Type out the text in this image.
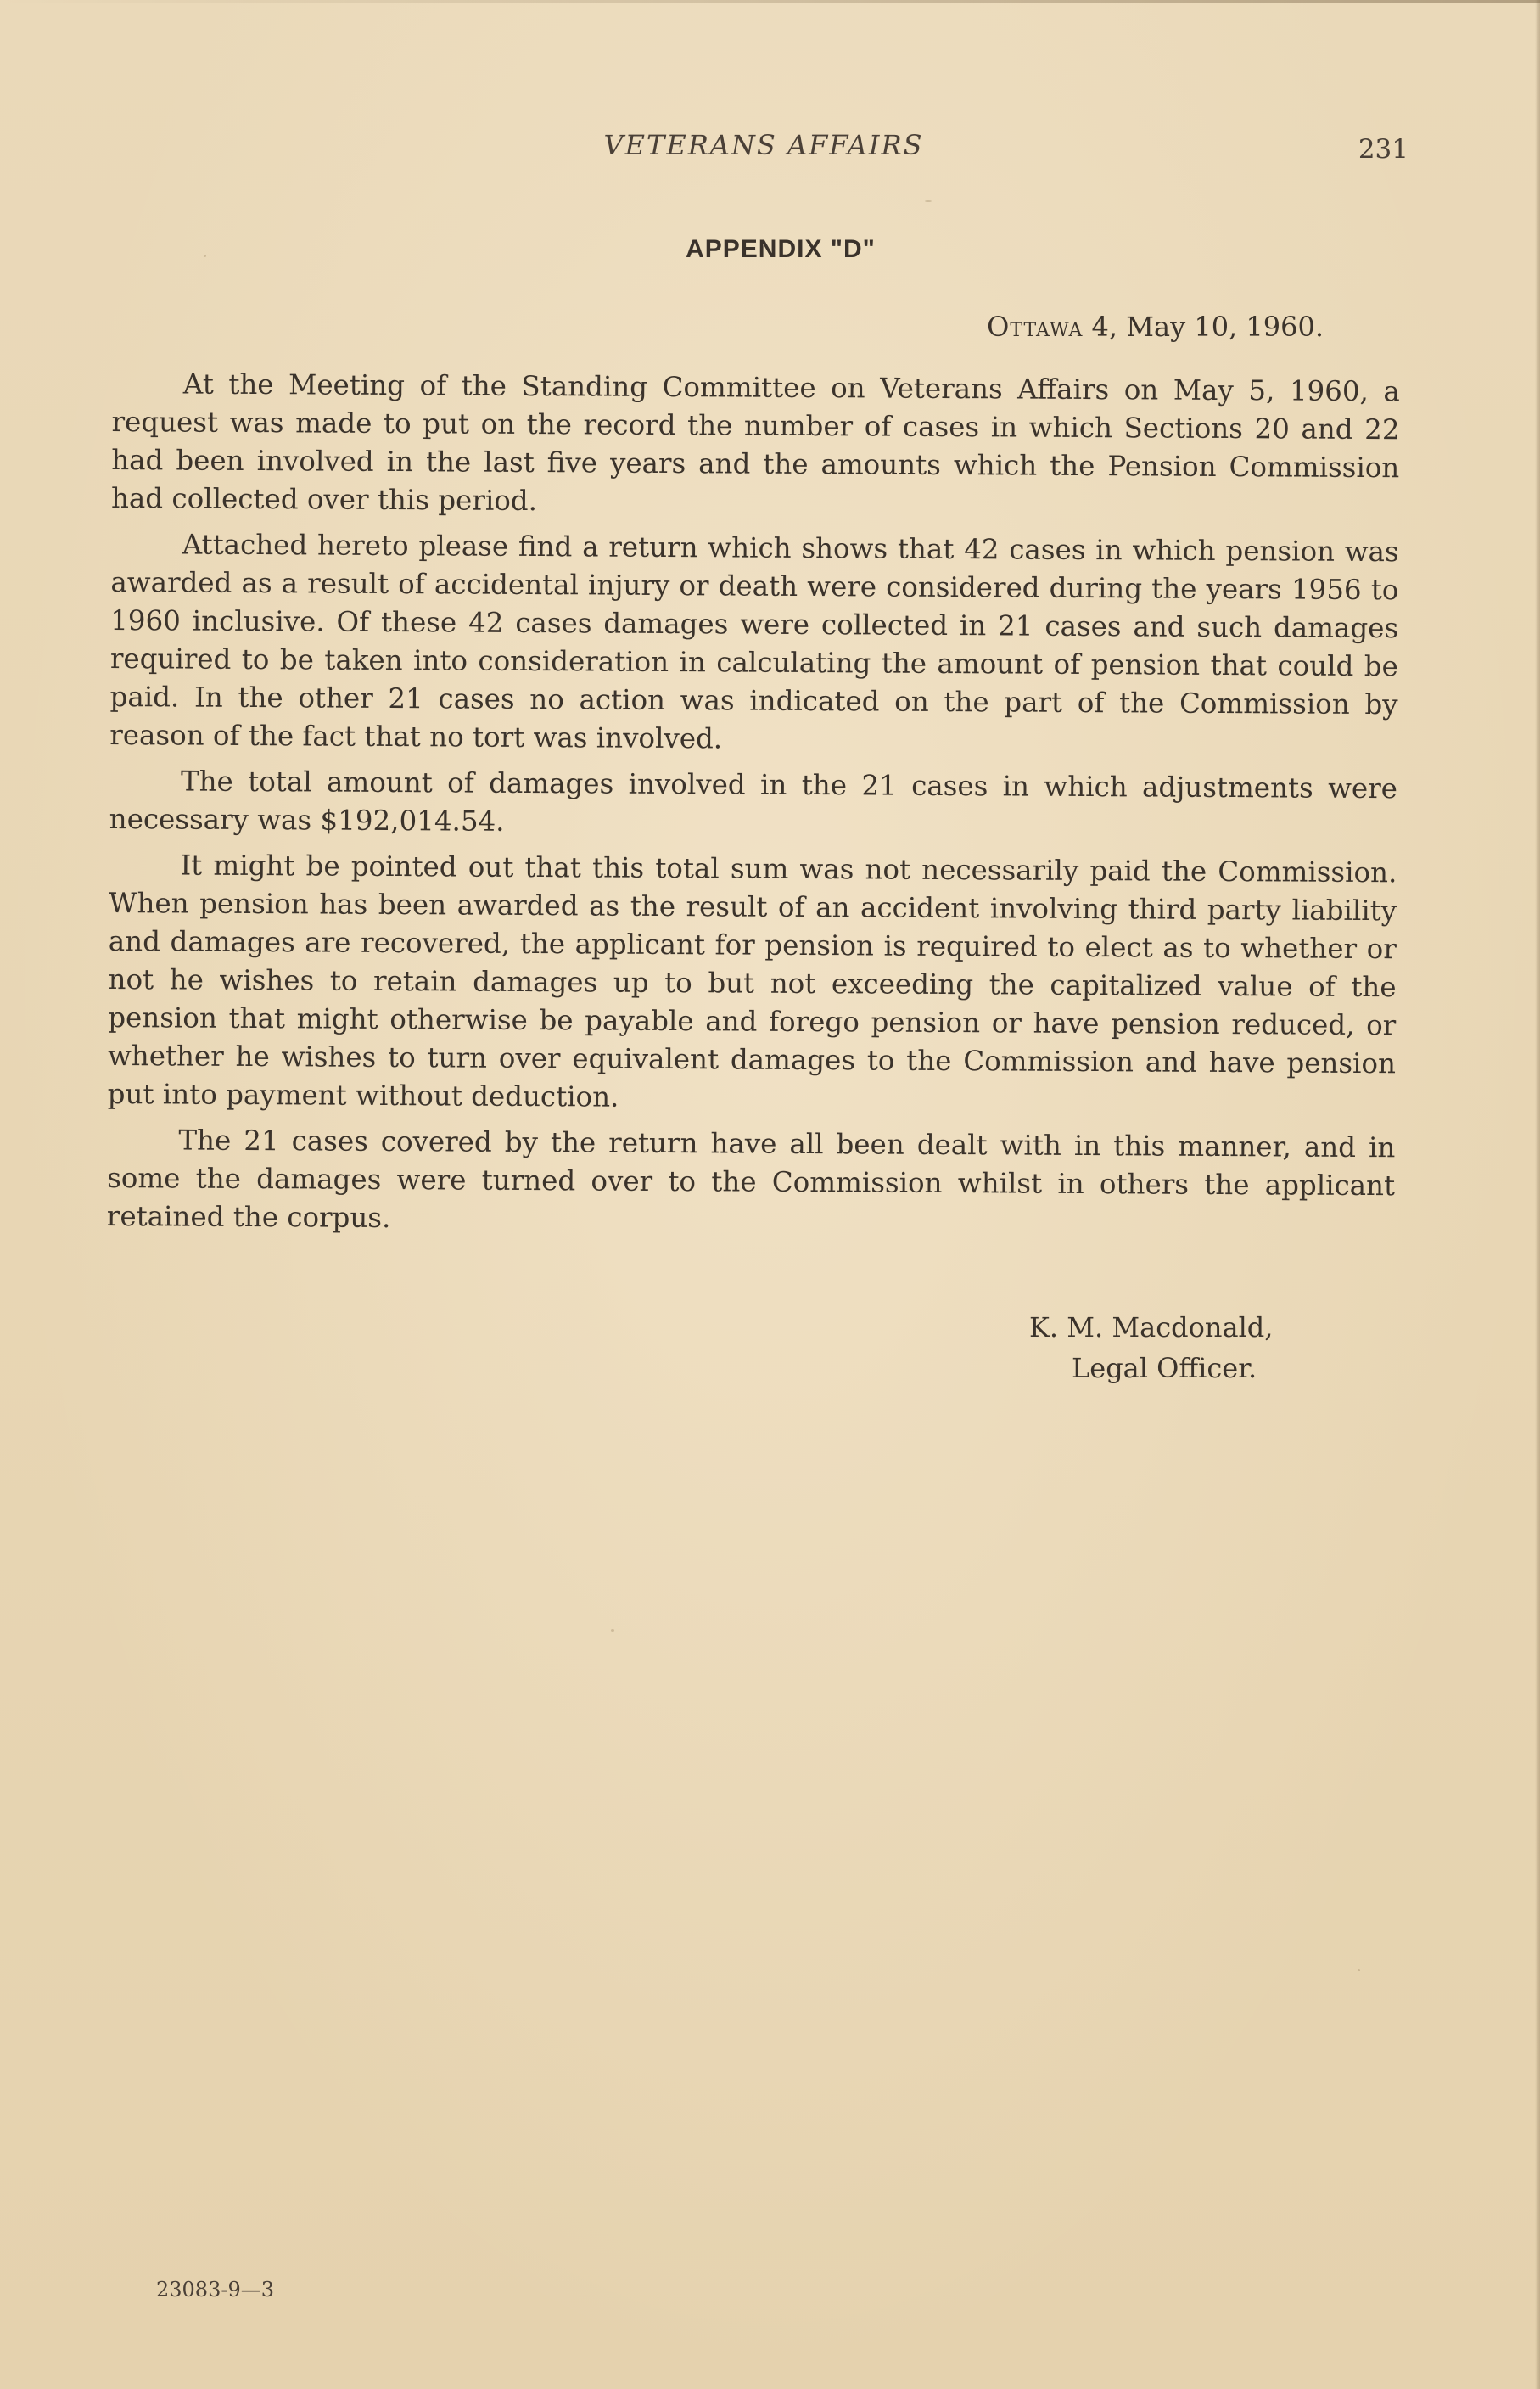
VETERANS AFFAIRS	231
APPENDIX "D"
Ottawa 4, May 10, 1960.

At the Meeting of the Standing Committee on Veterans Affairs on May 5, 1960, a request was made to put on the record the number of cases in which Sections 20 and 22 had been involved in the last five years and the amounts which the Pension Commission had collected over this period.

Attached hereto please find a return which shows that 42 cases in which pension was awarded as a result of accidental injury or death were considered during the years 1956 to 1960 inclusive. Of these 42 cases damages were collected in 21 cases and such damages required to be taken into consideration in calculating the amount of pension that could be paid. In the other 21 cases no action was indicated on the part of the Commission by reason of the fact that no tort was involved.

The total amount of damages involved in the 21 cases in which adjustments were necessary was $192,014.54.

It might be pointed out that this total sum was not necessarily paid the Commission. When pension has been awarded as the result of an accident involving third party liability and damages are recovered, the applicant for pension is required to elect as to whether or not he wishes to retain damages up to but not exceeding the capitalized value of the pension that might otherwise be payable and forego pension or have pension reduced, or whether he wishes to turn over equivalent damages to the Commission and have pension put into payment without deduction.

The 21 cases covered by the return have all been dealt with in this manner, and in some the damages were turned over to the Commission whilst in others the applicant retained the corpus.

K. M. Macdonald,
Legal Officer.
23083-9—3
